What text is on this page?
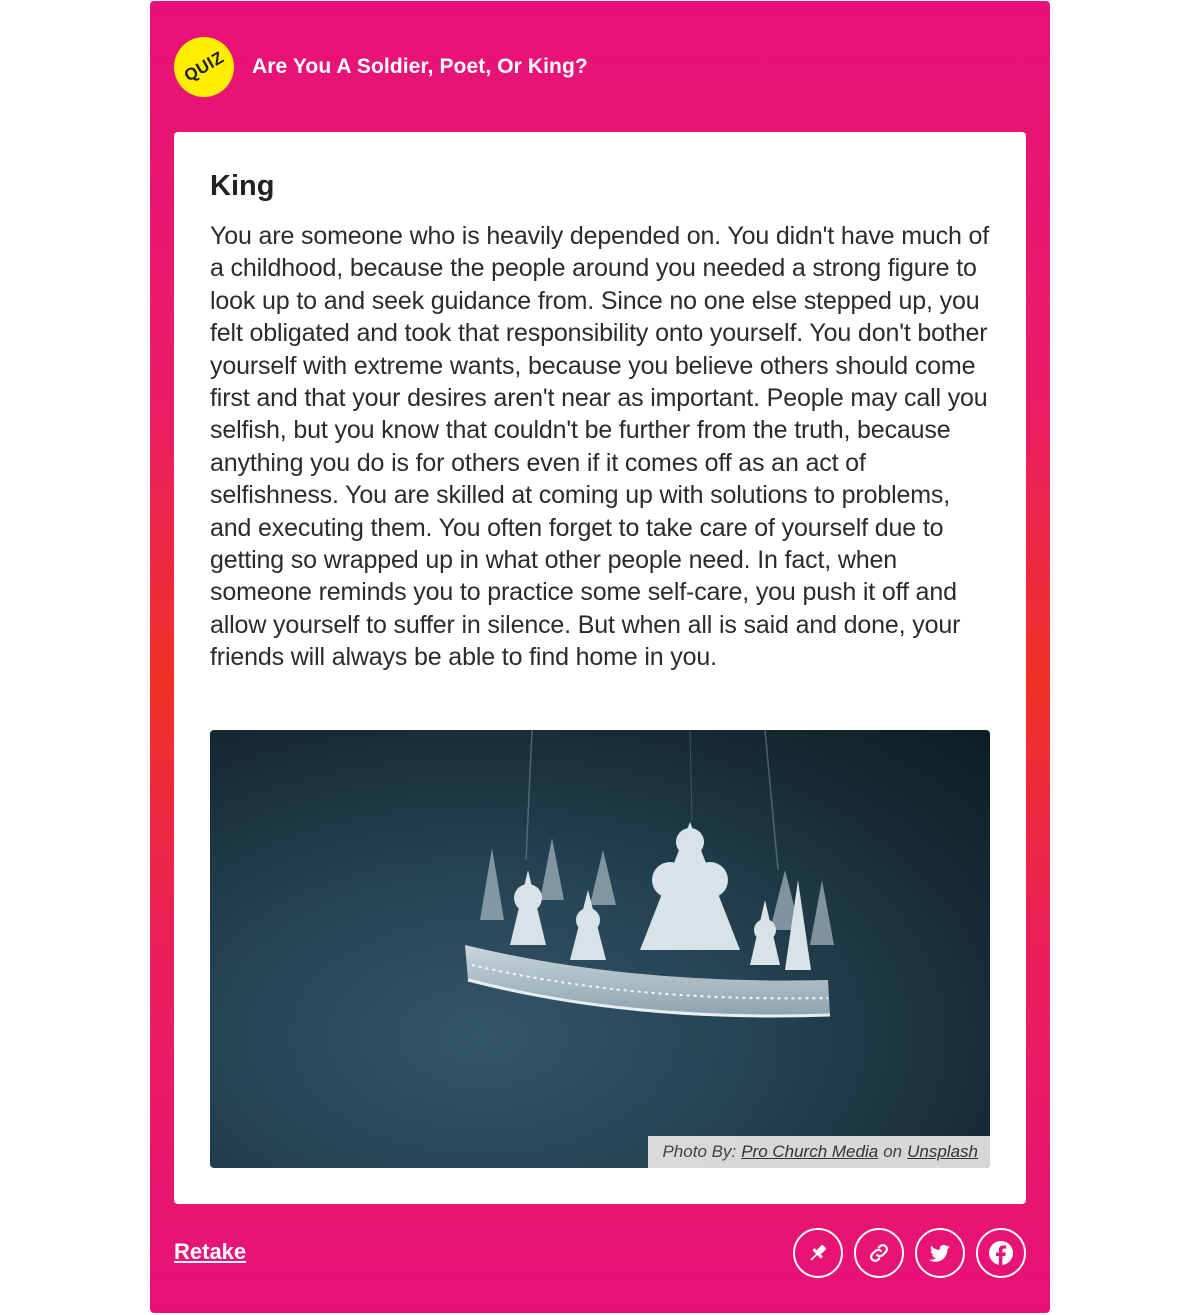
QUIZ Are You A Soldier, Poet, Or King?
King

You are someone who is heavily depended on. You didn't have much of a childhood, because the people around you needed a strong figure to look up to and seek guidance from. Since no one else stepped up, you felt obligated and took that responsibility onto yourself. You don't bother yourself with extreme wants, because you believe others should come first and that your desires aren't near as important. People may call you selfish, but you know that couldn't be further from the truth, because anything you do is for others even if it comes off as an act of selfishness. You are skilled at coming up with solutions to problems, and executing them. You often forget to take care of yourself due to getting so wrapped up in what other people need. In fact, when someone reminds you to practice some self-care, you push it off and allow yourself to suffer in silence. But when all is said and done, your friends will always be able to find home in you.

Photo By: Pro Church Media on Unsplash
Retake
